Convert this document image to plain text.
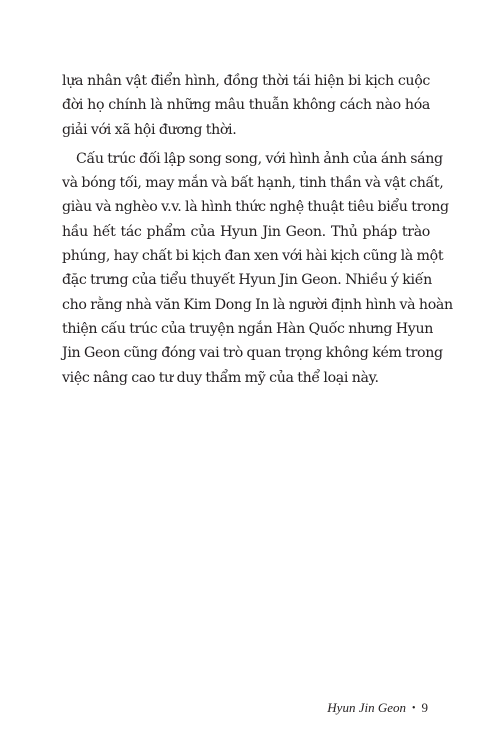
lựa nhân vật điển hình, đồng thời tái hiện bi kịch cuộc
đời họ chính là những mâu thuẫn không cách nào hóa
giải với xã hội đương thời.
Cấu trúc đối lập song song, với hình ảnh của ánh sáng
và bóng tối, may mắn và bất hạnh, tinh thần và vật chất,
giàu và nghèo v.v. là hình thức nghệ thuật tiêu biểu trong
hầu hết tác phẩm của Hyun Jin Geon. Thủ pháp trào
phúng, hay chất bi kịch đan xen với hài kịch cũng là một
đặc trưng của tiểu thuyết Hyun Jin Geon. Nhiều ý kiến
cho rằng nhà văn Kim Dong In là người định hình và hoàn
thiện cấu trúc của truyện ngắn Hàn Quốc nhưng Hyun
Jin Geon cũng đóng vai trò quan trọng không kém trong
việc nâng cao tư duy thẩm mỹ của thể loại này.
Hyun Jin Geon • 9
